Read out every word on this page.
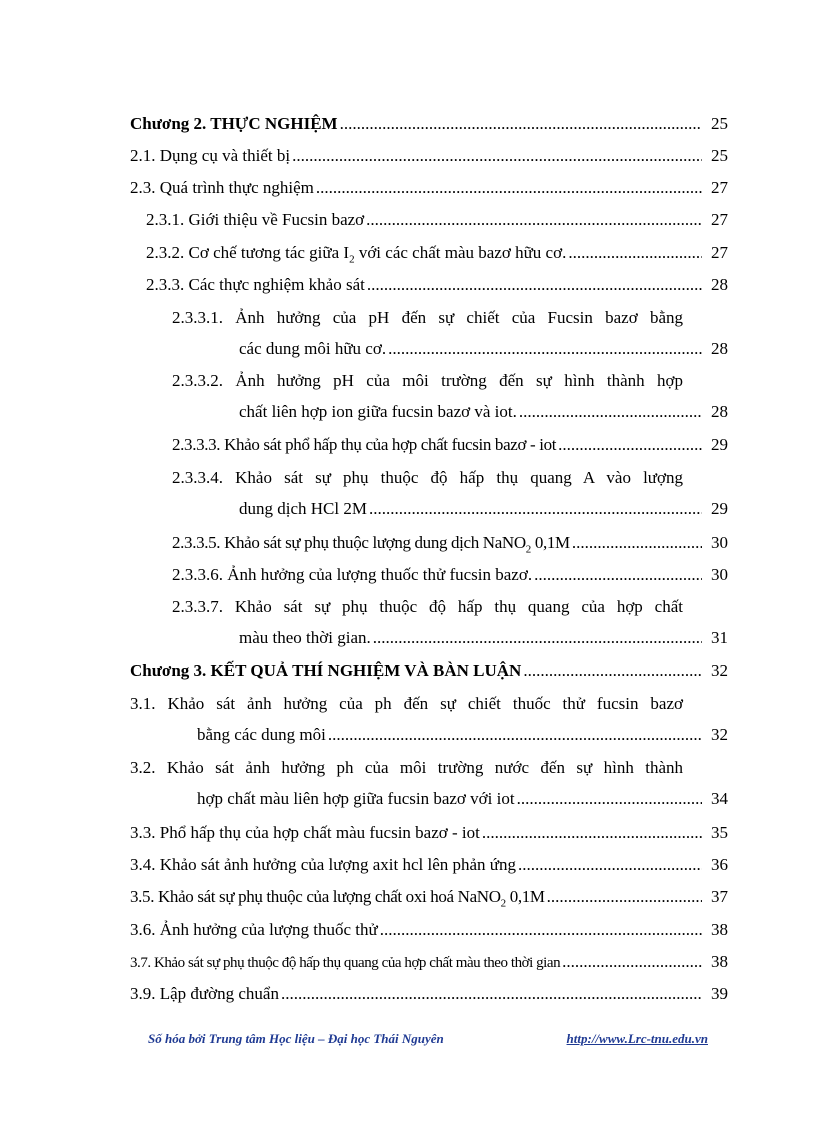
Chương 2. THỰC NGHIỆM .....	25
2.1. Dụng cụ và thiết bị .....	25
2.3. Quá trình thực nghiệm .....	27
2.3.1. Giới thiệu về Fucsin bazơ .....	27
2.3.2. Cơ chế tương tác giữa $I_2$ với các chất màu bazơ hữu cơ. .....	27
2.3.3. Các thực nghiệm khảo sát .....	28
2.3.3.1. Ảnh hưởng của pH đến sự chiết của Fucsin bazơ bằng
các dung môi hữu cơ. .....	28
2.3.3.2. Ảnh hưởng pH của môi trường đến sự hình thành hợp
chất liên hợp ion giữa fucsin bazơ và iot. .....	28
2.3.3.3. Khảo sát phổ hấp thụ của hợp chất fucsin bazơ - iot .....	29
2.3.3.4. Khảo sát sự phụ thuộc độ hấp thụ quang A vào lượng
dung dịch HCl 2M .....	29
2.3.3.5. Khảo sát sự phụ thuộc lượng dung dịch NaNO$_2$ 0,1M .....	30
2.3.3.6. Ảnh hưởng của lượng thuốc thử fucsin bazơ. .....	30
2.3.3.7. Khảo sát sự phụ thuộc độ hấp thụ quang của hợp chất
màu theo thời gian. .....	31
Chương 3. KẾT QUẢ THÍ NGHIỆM VÀ BÀN LUẬN .....	32
3.1. Khảo sát ảnh hưởng của ph đến sự chiết thuốc thử fucsin bazơ
bằng các dung môi .....	32
3.2. Khảo sát ảnh hưởng ph của môi trường nước đến sự hình thành
hợp chất màu liên hợp giữa fucsin bazơ với iot .....	34
3.3. Phổ hấp thụ của hợp chất màu fucsin bazơ - iot .....	35
3.4. Khảo sát ảnh hưởng của lượng axit hcl lên phản ứng .....	36
3.5. Khảo sát sự phụ thuộc của lượng chất oxi hoá NaNO$_2$ 0,1M .....	37
3.6. Ảnh hưởng của lượng thuốc thử .....	38
3.7. Khảo sát sự phụ thuộc độ hấp thụ quang của hợp chất màu theo thời gian .....	38
3.9. Lập đường chuẩn .....	39
Số hóa bởi Trung tâm Học liệu – Đại học Thái Nguyên	http://www.Lrc-tnu.edu.vn
